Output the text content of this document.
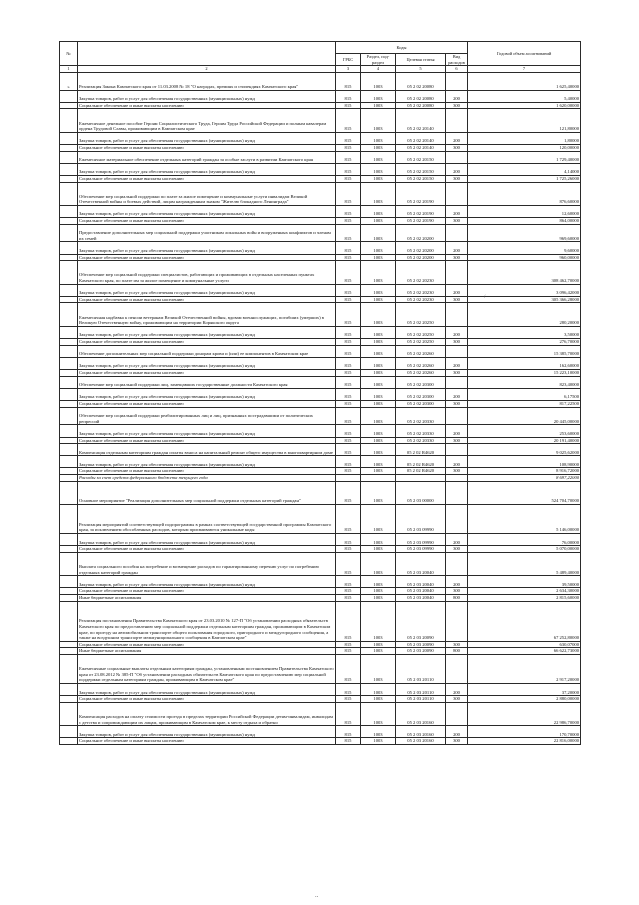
№		Коды				Годовой объем ассигнований
		ГРБС	Раздел, под- раздел	Целевая статья	Вид расходов	
1	2	3	4	5	6	7
»	Реализация Закона Камчатского края от 11.03.2008 № 18 "О наградах, премиях и стипендиях Камчатского края"	815	1003	05 2 02 20080		1 625,40000
	Закупка товаров, работ и услуг для обеспечения государственных (муниципальных) нужд	815	1003	05 2 02 20080	200	5,40000
	Социальное обеспечение и иные выплаты населению	815	1003	05 2 02 20080	300	1 620,00000
	Ежемесячное денежное пособие Героям Социалистического Труда, Героям Труда Российской Федерации и полным кавалерам ордена Трудовой Славы, проживающим в Камчатском крае	815	1003	05 2 02 20140		121,80000
	Закупка товаров, работ и услуг для обеспечения государственных (муниципальных) нужд	815	1003	05 2 02 20140	200	1,80000
	Социальное обеспечение и иные выплаты населению	815	1003	05 2 02 20140	300	120,00000
	Ежемесячное материальное обеспечение отдельных категорий граждан за особые заслуги в развитии Камчатского края	815	1003	05 2 02 20150		1 729,40000
	Закупка товаров, работ и услуг для обеспечения государственных (муниципальных) нужд	815	1003	05 2 02 20150	200	4,14000
	Социальное обеспечение и иные выплаты населению	815	1003	05 2 02 20150	300	1 725,26000
	Обеспечение мер социальной поддержки по плате за жилое помещение и коммунальные услуги инвалидам Великой Отечественной войны и боевых действий, лицам награжденным знаком "Жителю блокадного Ленинграда"	815	1003	05 2 02 20190		876,60000
	Закупка товаров, работ и услуг для обеспечения государственных (муниципальных) нужд	815	1003	05 2 02 20190	200	12,60000
	Социальное обеспечение и иные выплаты населению	815	1003	05 2 02 20190	300	864,00000
	Предоставление дополнительных мер социальной поддержки участникам локальных войн и вооруженных конфликтов и членам их семей	815	1003	05 2 02 20200		969,60000
	Закупка товаров, работ и услуг для обеспечения государственных (муниципальных) нужд	815	1003	05 2 02 20200	200	9,60000
	Социальное обеспечение и иные выплаты населению	815	1003	05 2 02 20200	300	960,00000
	Обеспечение мер социальной поддержки специалистов, работающих и проживающих в отдельных населенных пунктах Камчатского края, по плате им за жилое помещение и коммунальные услуги	815	1003	05 2 02 20230		308 462,70000
	Закупка товаров, работ и услуг для обеспечения государственных (муниципальных) нужд	815	1003	05 2 02 20230	200	3 096,42000
	Социальное обеспечение и иные выплаты населению	815	1003	05 2 02 20230	300	305 366,28000
	Ежемесячная надбавка к пенсии ветеранам Великой Отечественной войны, вдовам военнослужащих, погибших (умерших) в Великую Отечественную войну, проживающим на территории Корякского округа	815	1003	05 2 02 20250		280,20000
	Закупка товаров, работ и услуг для обеспечения государственных (муниципальных) нужд	815	1003	05 2 02 20250	200	3,50000
	Социальное обеспечение и иные выплаты населению	815	1003	05 2 02 20250	300	276,70000
	Обеспечение дополнительных мер социальной поддержки донорам крови и (или) ее компонентов в Камчатском крае	815	1003	05 2 02 20260		15 385,70000
	Закупка товаров, работ и услуг для обеспечения государственных (муниципальных) нужд	815	1003	05 2 02 20260	200	162,60000
	Социальное обеспечение и иные выплаты населению	815	1003	05 2 02 20260	300	15 223,10000
	Обеспечение мер социальной поддержки лиц, замещавших государственные должности Камчатского края	815	1003	05 2 02 20300		823,40000
	Закупка товаров, работ и услуг для обеспечения государственных (муниципальных) нужд	815	1003	05 2 02 20300	200	6,17500
	Социальное обеспечение и иные выплаты населению	815	1003	05 2 02 20300	300	817,22500
	Обеспечение мер социальной поддержки реабилитированных лиц и лиц, признанных пострадавшими от политических репрессий	815	1003	05 2 02 20330		20 445,00000
	Закупка товаров, работ и услуг для обеспечения государственных (муниципальных) нужд	815	1003	05 2 02 20330	200	253,60000
	Социальное обеспечение и иные выплаты населению	815	1003	05 2 02 20330	300	20 191,40000
	Компенсация отдельным категориям граждан оплаты взноса на капитальный ремонт общего имущества в многоквартирном доме	815	1003	05 2 02 R4620		9 025,62000
	Закупка товаров, работ и услуг для обеспечения государственных (муниципальных) нужд	815	1003	05 2 02 R4620	200	108,90000
	Социальное обеспечение и иные выплаты населению	815	1003	05 2 02 R4620	300	8 916,72000
	Расходы за счет средств федерального бюджета текущего года					8 697,22000
	Основное мероприятие "Реализация дополнительных мер социальной поддержки отдельных категорий граждан"	815	1003	05 2 03 00000		524 704,70000
	Реализация мероприятий соответствующей подпрограммы в рамках соответствующей государственной программы Камчатского края, за исключением обособленных расходов, которым присваиваются уникальные коды	815	1003	05 2 03 09990		5 146,00000
	Закупка товаров, работ и услуг для обеспечения государственных (муниципальных) нужд	815	1003	05 2 03 09990	200	76,00000
	Социальное обеспечение и иные выплаты населению	815	1003	05 2 03 09990	300	5 070,00000
	Выплата социального пособия на погребение и возмещение расходов по гарантированному перечню услуг по погребению отдельных категорий граждан	815	1003	05 2 03 20040		5 489,40000
	Закупка товаров, работ и услуг для обеспечения государственных (муниципальных) нужд	815	1003	05 2 03 20040	200	39,50000
	Социальное обеспечение и иные выплаты населению	815	1003	05 2 03 20040	300	2 634,30000
	Иные бюджетные ассигнования	815	1003	05 2 03 20040	800	2 815,60000
	Реализация постановления Правительства Камчатского края от 23.03.2010 № 127-П "Об установлении расходных обязательств Камчатского края по предоставлению мер социальной поддержки отдельным категориям граждан, проживающим в Камчатском крае, по проезду на автомобильном транспорте общего пользования городского, пригородного и междугородного сообщения, а также на воздушном транспорте межмуниципального сообщения в Камчатском крае"	815	1003	05 2 03 20090		67 252,80000
	Социальное обеспечение и иные выплаты населению	815	1003	05 2 03 20090	300	630,07000
	Иные бюджетные ассигнования	815	1003	05 2 03 20090	800	66 622,73000
	Ежемесячные социальные выплаты отдельным категориям граждан, установленным постановлением Правительства Камчатского края от 23.08.2012 № 385-П "Об установлении расходных обязательств Камчатского края по предоставлению мер социальной поддержки отдельным категориям граждан, проживающим в Камчатском крае"	815	1003	05 2 03 20110		2 917,20000
	Закупка товаров, работ и услуг для обеспечения государственных (муниципальных) нужд	815	1003	05 2 03 20110	200	37,20000
	Социальное обеспечение и иные выплаты населению	815	1003	05 2 03 20110	300	2 880,00000
	Компенсация расходов на оплату стоимости проезда в пределах территории Российской Федерации детям-инвалидам, инвалидам с детства и сопровождающим их лицам, проживающим в Камчатском крае, к месту отдыха и обратно	815	1003	05 2 03 20160		22 986,70000
	Закупка товаров, работ и услуг для обеспечения государственных (муниципальных) нужд	815	1003	05 2 03 20160	200	170,70000
	Социальное обеспечение и иные выплаты населению	815	1003	05 2 03 20160	300	22 816,00000
/
..
